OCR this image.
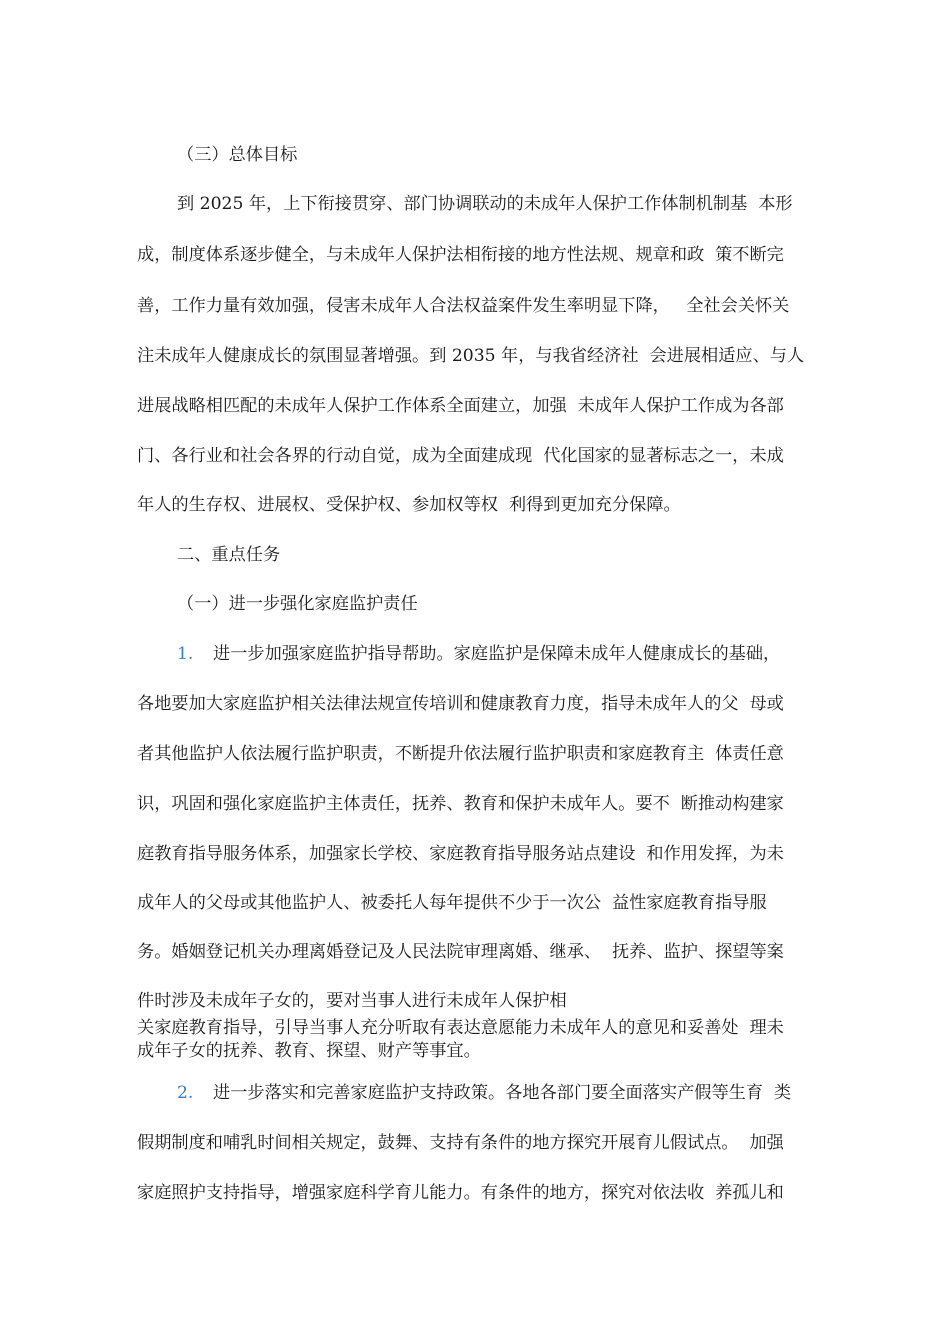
（三）总体目标

到 2025 年，上下衔接贯穿、部门协调联动的未成年人保护工作体制机制基  本形

成，制度体系逐步健全，与未成年人保护法相衔接的地方性法规、规章和政  策不断完

善，工作力量有效加强，侵害未成年人合法权益案件发生率明显下降，   全社会关怀关

注未成年人健康成长的氛围显著增强。到 2035 年，与我省经济社  会进展相适应、与人

进展战略相匹配的未成年人保护工作体系全面建立，加强  未成年人保护工作成为各部

门、各行业和社会各界的行动自觉，成为全面建成现  代化国家的显著标志之一，未成

年人的生存权、进展权、受保护权、参加权等权  利得到更加充分保障。

二、重点任务

（一）进一步强化家庭监护责任

1. 进一步加强家庭监护指导帮助。家庭监护是保障未成年人健康成长的基础，

各地要加大家庭监护相关法律法规宣传培训和健康教育力度，指导未成年人的父  母或

者其他监护人依法履行监护职责，不断提升依法履行监护职责和家庭教育主  体责任意

识，巩固和强化家庭监护主体责任，抚养、教育和保护未成年人。要不  断推动构建家

庭教育指导服务体系，加强家长学校、家庭教育指导服务站点建设  和作用发挥，为未

成年人的父母或其他监护人、被委托人每年提供不少于一次公  益性家庭教育指导服

务。婚姻登记机关办理离婚登记及人民法院审理离婚、继承、  抚养、监护、探望等案

件时涉及未成年子女的，要对当事人进行未成年人保护相

关家庭教育指导，引导当事人充分听取有表达意愿能力未成年人的意见和妥善处  理未

成年子女的抚养、教育、探望、财产等事宜。

2. 进一步落实和完善家庭监护支持政策。各地各部门要全面落实产假等生育  类

假期制度和哺乳时间相关规定，鼓舞、支持有条件的地方探究开展育儿假试点。  加强

家庭照护支持指导，增强家庭科学育儿能力。有条件的地方，探究对依法收  养孤儿和
